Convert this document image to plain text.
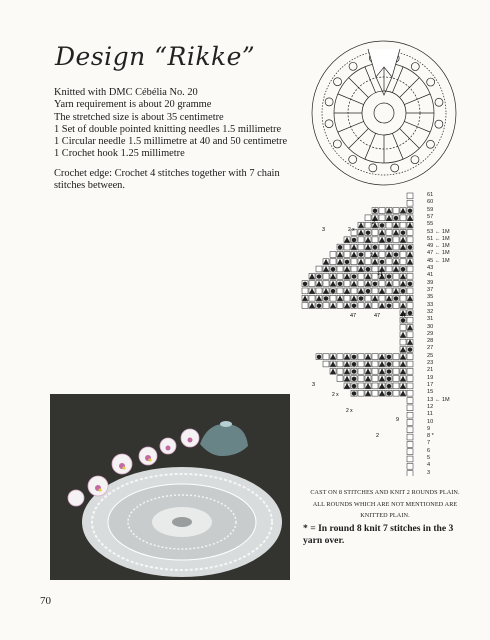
Design “Rikke”
Knitted with DMC Cébélia No. 20
Yarn requirement is about 20 gramme
The stretched size is about 35 centimetre
1 Set of double pointed knitting needles 1.5 millimetre
1 Circular needle 1.5 millimetre at 40 and 50 centimetre
1 Crochet hook 1.25 millimetre
Crochet edge: Crochet 4 stitches together with 7 chain stitches between.
47	47	47
2 x
2 x
2 x
2 x
3
2
11
3
2
9
61
60
59
57
55
53 ← 1M
51 ← 1M
49 ← 1M
47 ← 1M
45 ← 1M
43
41
39
37
35
33
32
31
30
29
28
27
25
23
21
19
17
15
13 ← 1M
12
11
10
9
8 *
7
6
5
4
3
CAST ON 8 STITCHES AND KNIT 2 ROUNDS PLAIN.
ALL ROUNDS WHICH ARE NOT MENTIONED ARE
KNITTED PLAIN.
* = In round 8 knit 7 stitches in the 3 yarn over.
70
